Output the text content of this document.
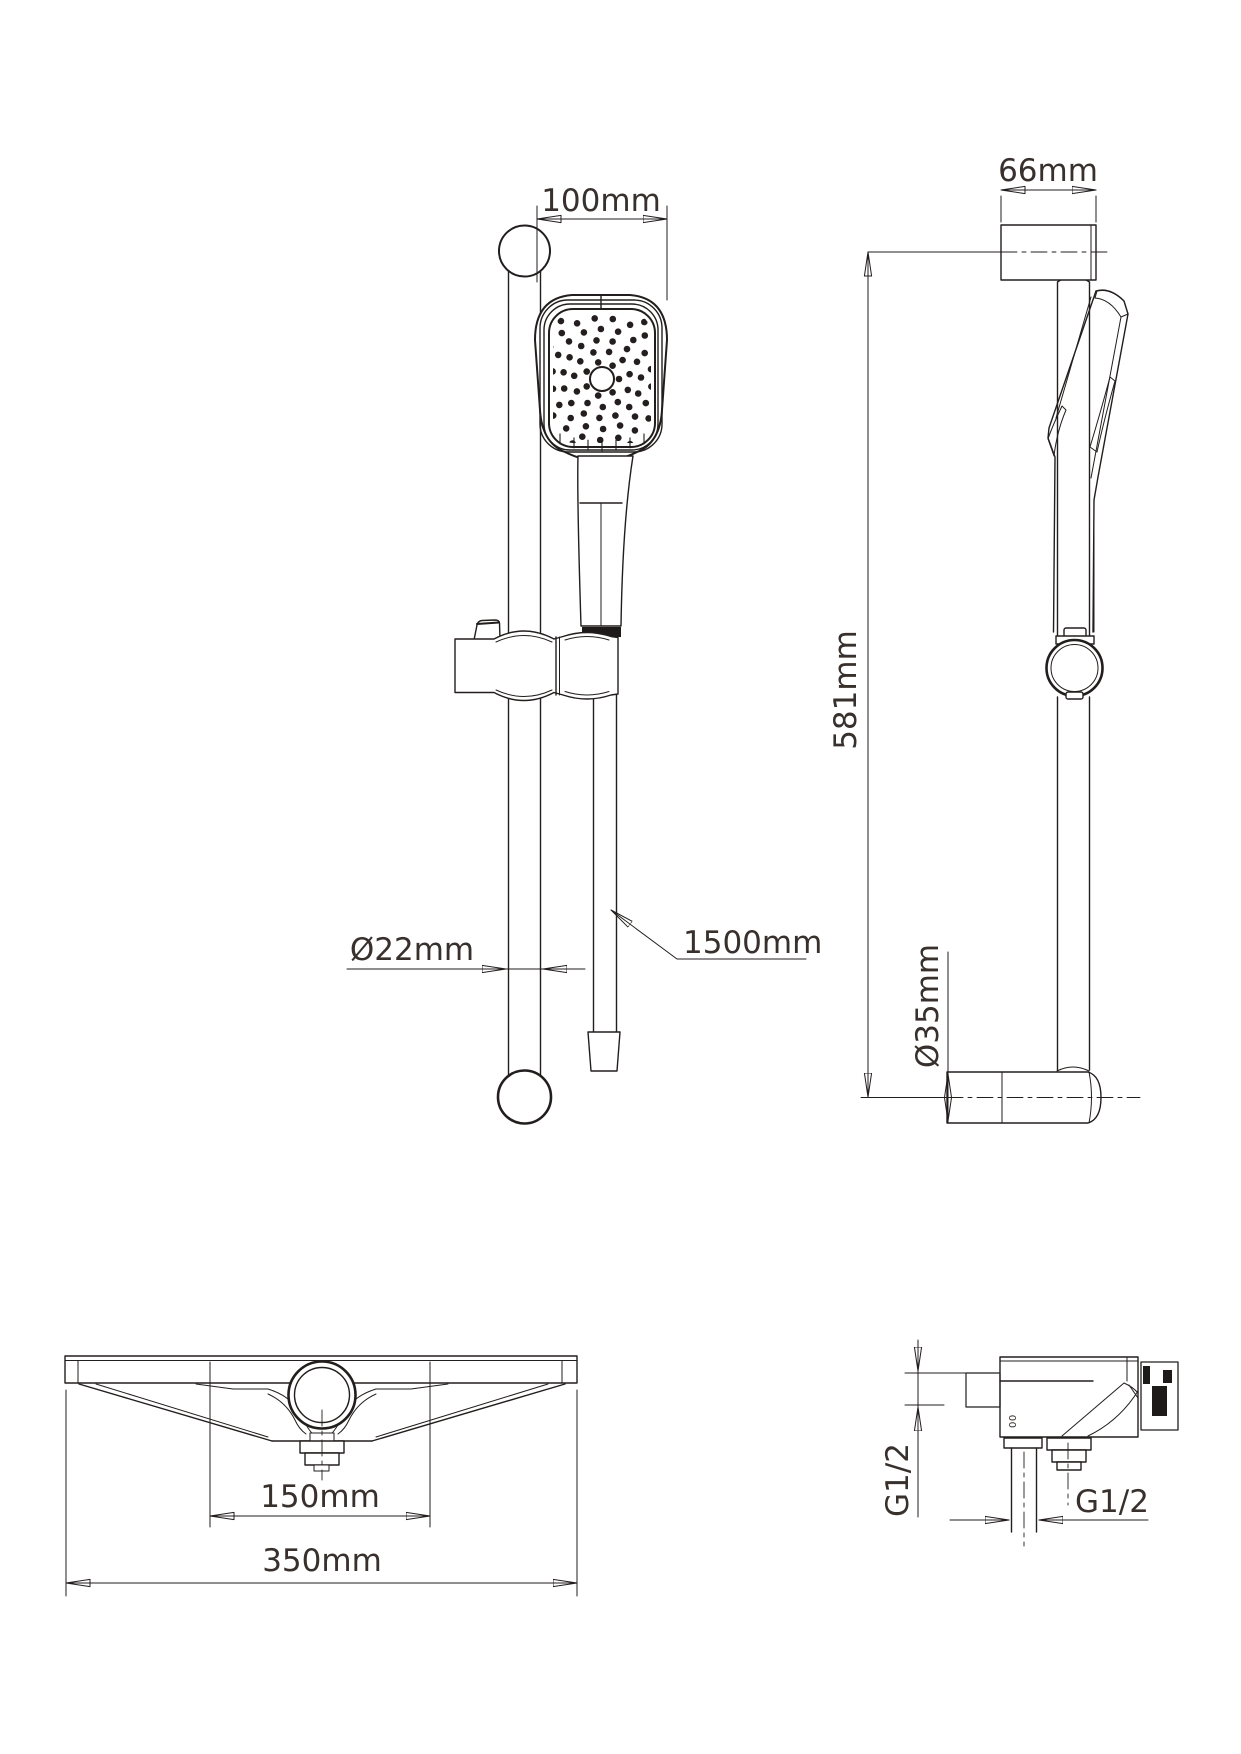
100mm
Ø22mm	1500mm
66mm
581mm
Ø35mm
150mm
350mm
00
G1/2	G1/2
